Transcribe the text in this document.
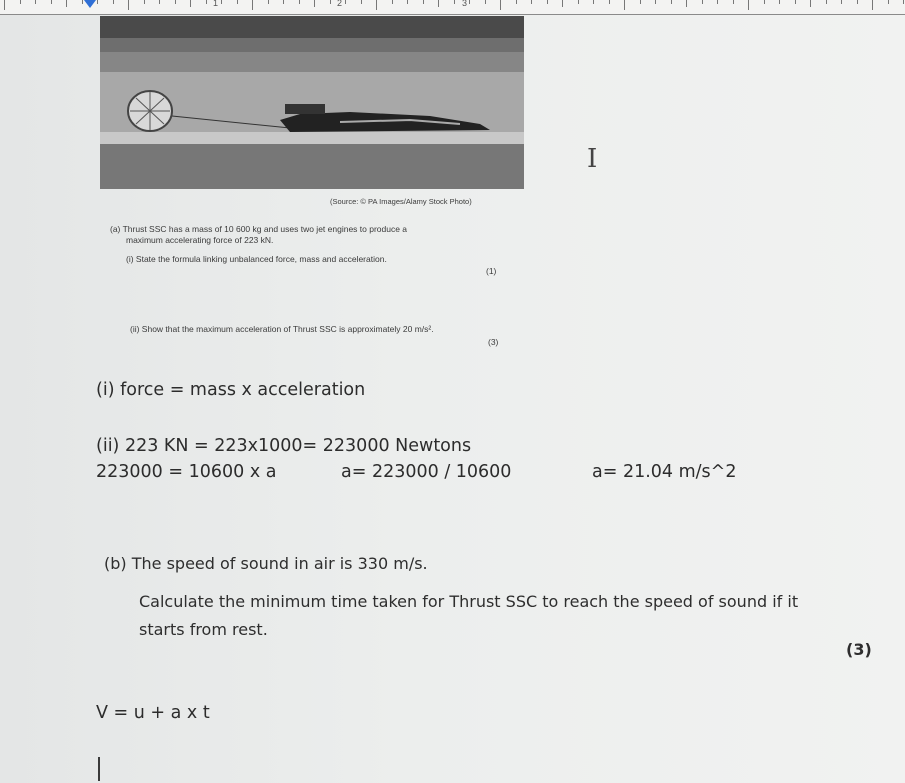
1	2	3
(Source: © PA Images/Alamy Stock Photo)
(a) Thrust SSC has a mass of 10 600 kg and uses two jet engines to produce a
maximum accelerating force of 223 kN.
(i) State the formula linking unbalanced force, mass and acceleration.
(1)
(ii) Show that the maximum acceleration of Thrust SSC is approximately 20 m/s².
(3)
(i) force = mass x acceleration
(ii) 223 KN = 223x1000= 223000 Newtons
223000 = 10600 x a	a= 223000 / 10600	a= 21.04 m/s^2
(b) The speed of sound in air is 330 m/s.
Calculate the minimum time taken for Thrust SSC to reach the speed of sound if it
starts from rest.
(3)
V = u + a x t
I
